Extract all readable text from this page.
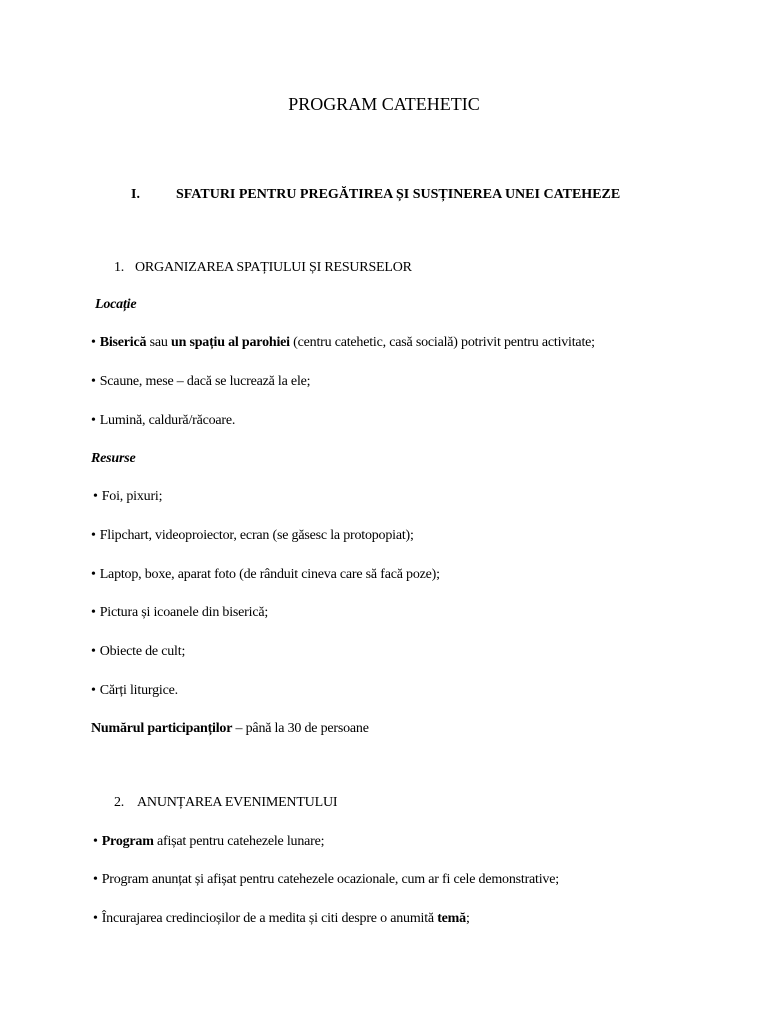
PROGRAM CATEHETIC
I.	SFATURI PENTRU PREGĂTIREA ȘI SUSȚINEREA UNEI CATEHEZE
1. ORGANIZAREA SPAȚIULUI ȘI RESURSELOR
Locație
• Biserică sau un spațiu al parohiei (centru catehetic, casă socială) potrivit pentru activitate;
• Scaune, mese – dacă se lucrează la ele;
• Lumină, caldură/răcoare.
Resurse
• Foi, pixuri;
• Flipchart, videoproiector, ecran (se găsesc la protopopiat);
• Laptop, boxe, aparat foto (de rânduit cineva care să facă poze);
• Pictura și icoanele din biserică;
• Obiecte de cult;
• Cărți liturgice.
Numărul participanților – până la 30 de persoane
2. ANUNȚAREA EVENIMENTULUI
• Program afișat pentru catehezele lunare;
• Program anunțat și afișat pentru catehezele ocazionale, cum ar fi cele demonstrative;
• Încurajarea credincioșilor de a medita și citi despre o anumită temă;
